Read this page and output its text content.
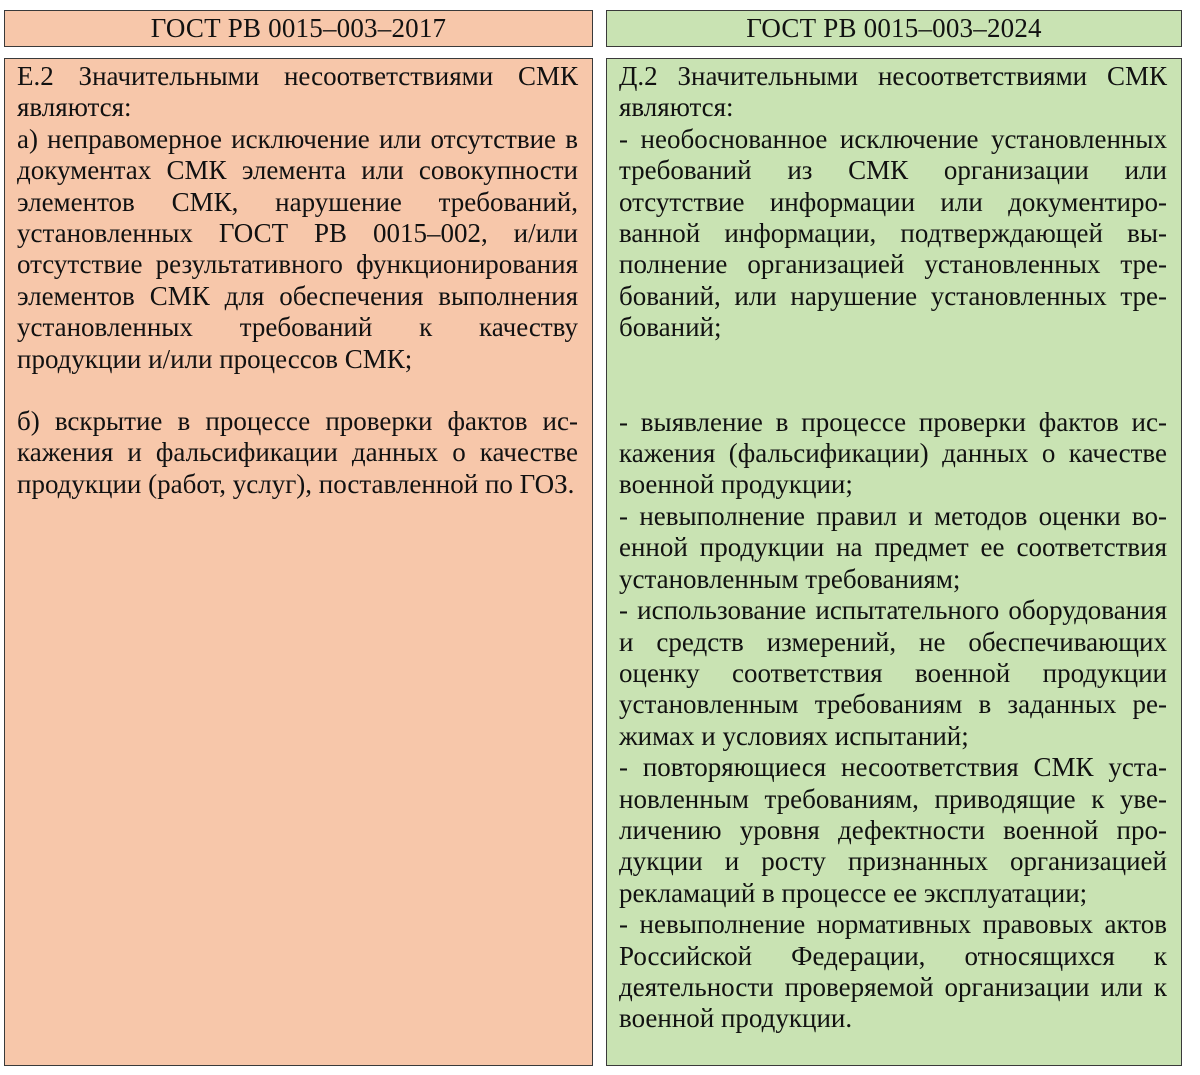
ГОСТ РВ 0015–003–2017	ГОСТ РВ 0015–003–2024

Е.2 Значительными несоответствиями СМК являются:

а) неправомерное исключение или отсутствие в документах СМК элемента или совокупности элементов СМК, нарушение требований, установленных ГОСТ РВ 0015–002, и/или отсутствие результативного функционирования элементов СМК для обеспечения выполнения установленных требований к качеству продукции и/или процессов СМК;

б) вскрытие в процессе проверки фактов искажения и фальсификации данных о качестве продукции (работ, услуг), поставленной по ГОЗ.

Д.2 Значительными несоответствиями СМК являются:

- необоснованное исключение установленных требований из СМК организации или отсутствие информации или документированной информации, подтверждающей выполнение организацией установленных требований, или нарушение установленных требований;

- выявление в процессе проверки фактов искажения (фальсификации) данных о качестве военной продукции;

- невыполнение правил и методов оценки военной продукции на предмет ее соответствия установленным требованиям;

- использование испытательного оборудования и средств измерений, не обеспечивающих оценку соответствия военной продукции установленным требованиям в заданных режимах и условиях испытаний;

- повторяющиеся несоответствия СМК установленным требованиям, приводящие к увеличению уровня дефектности военной продукции и росту признанных организацией рекламаций в процессе ее эксплуатации;

- невыполнение нормативных правовых актов Российской Федерации, относящихся к деятельности проверяемой организации или к военной продукции.
